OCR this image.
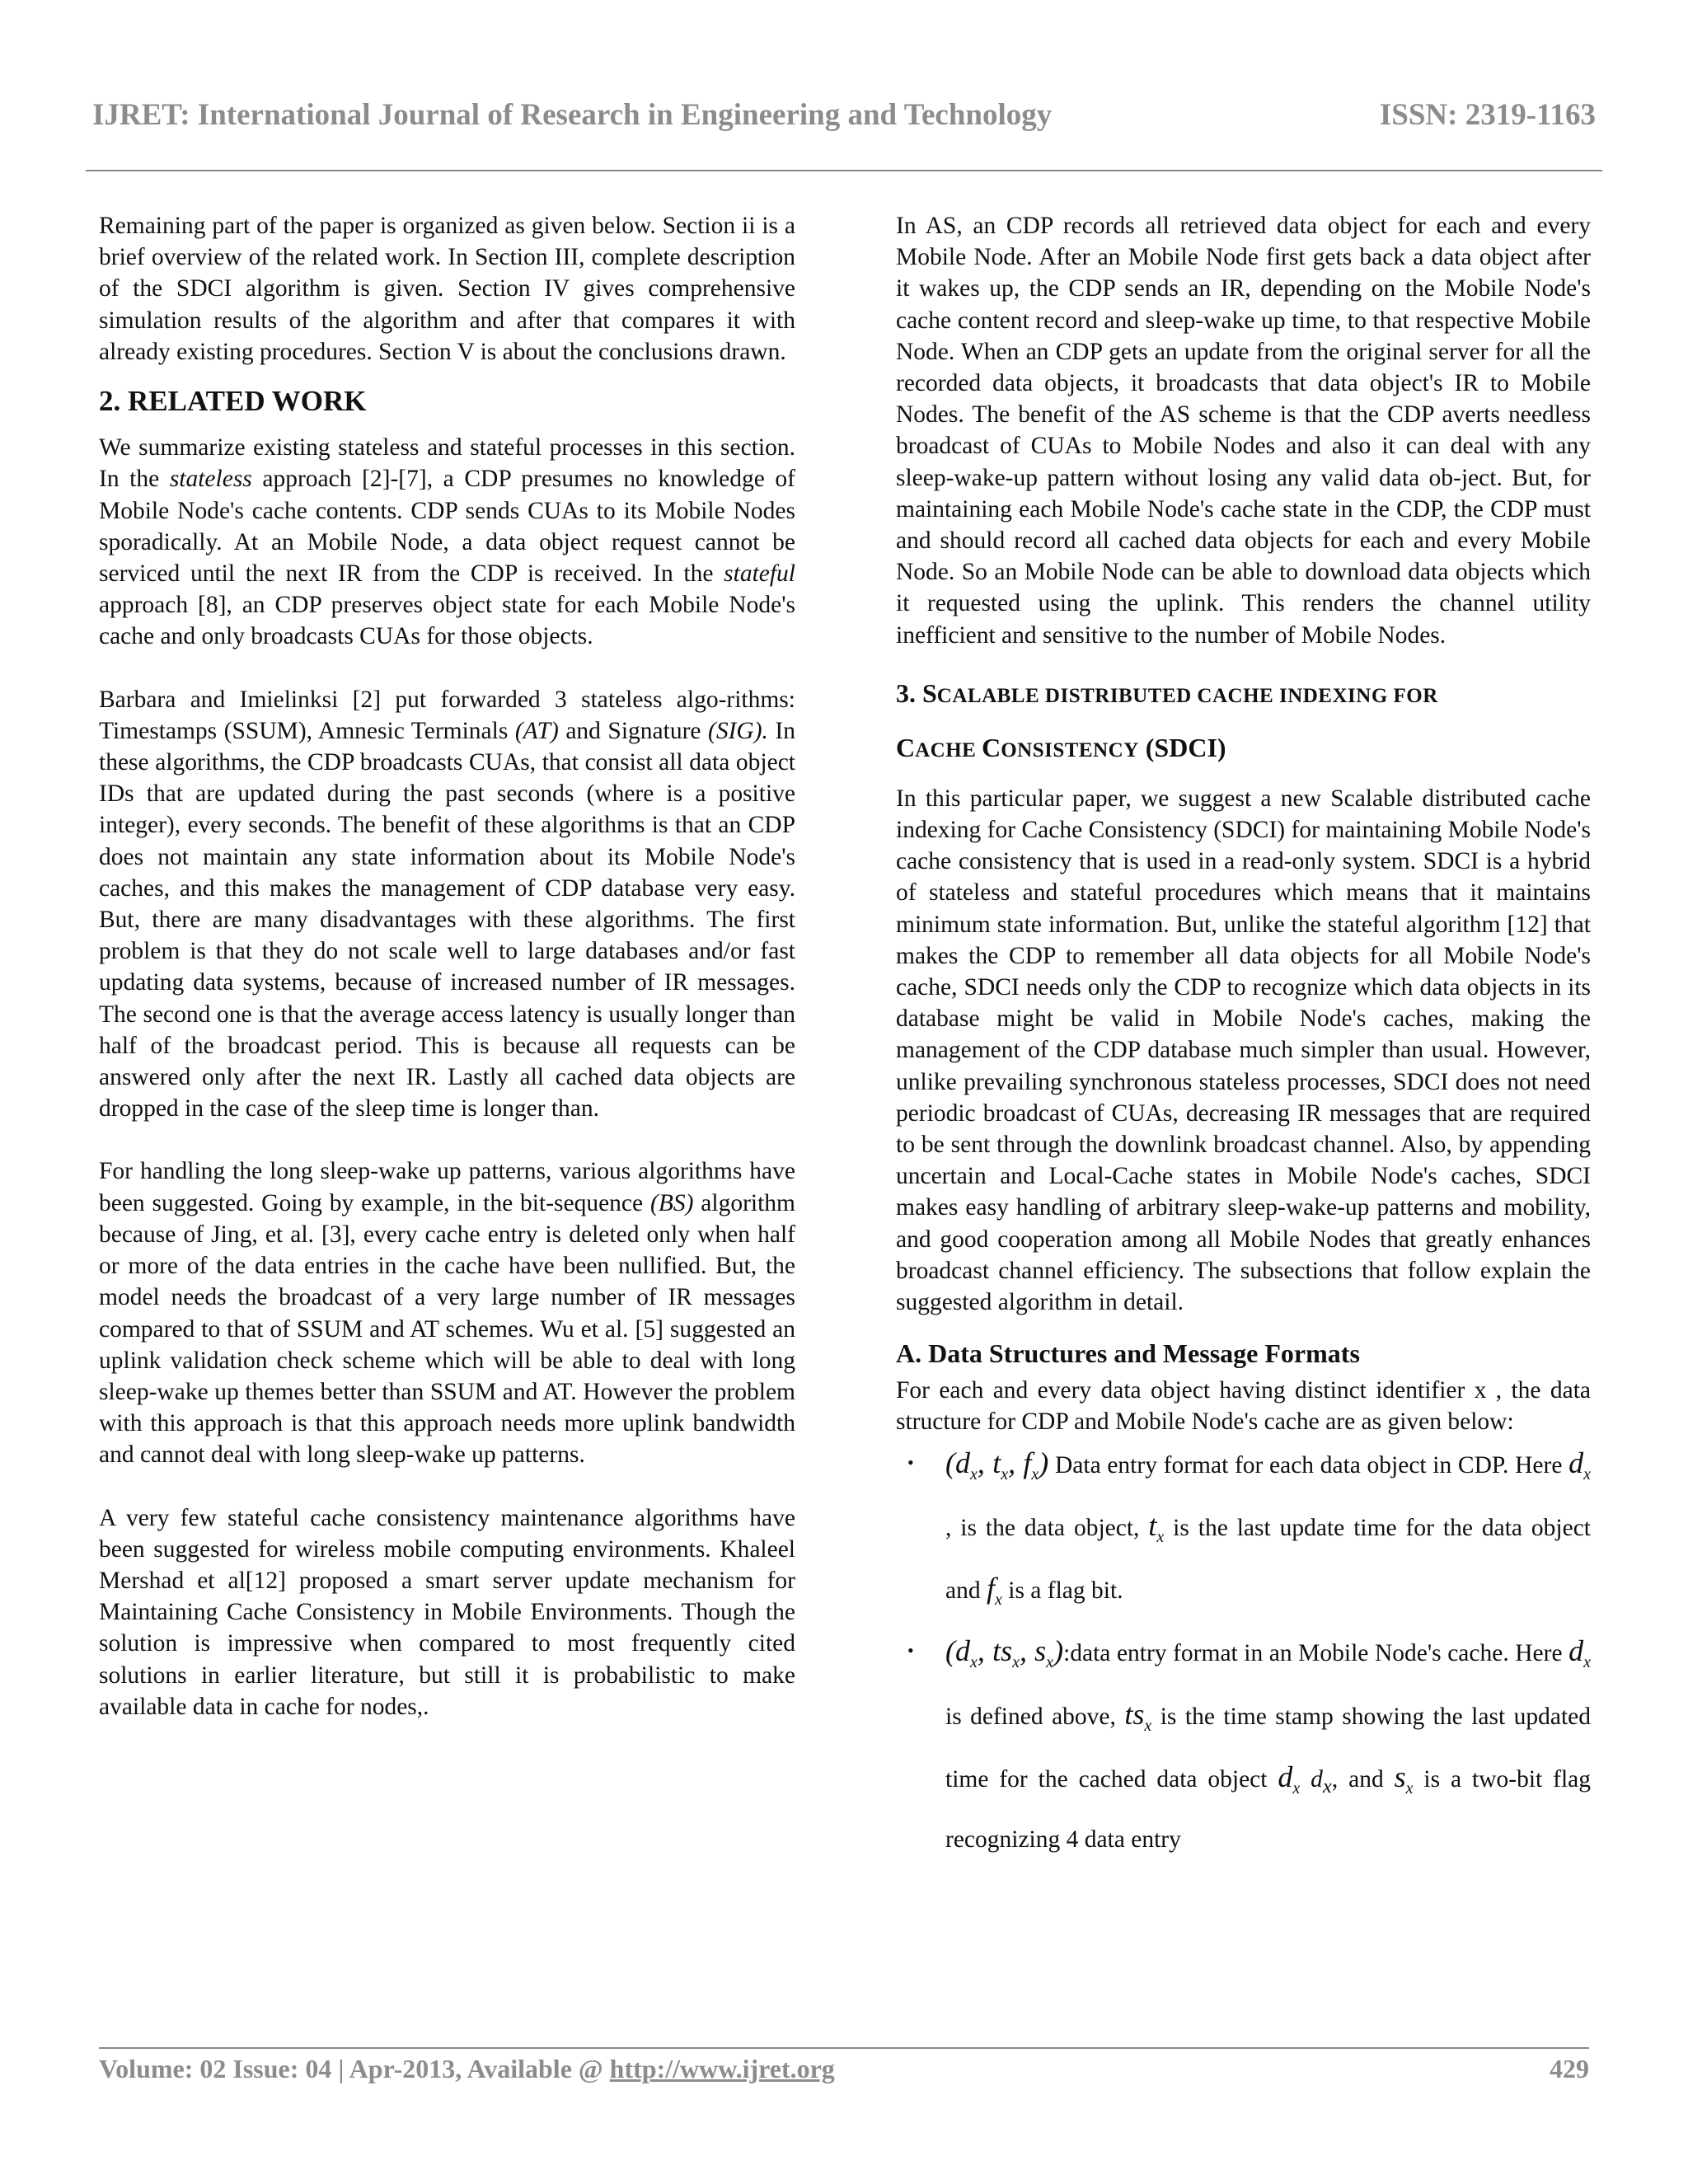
IJRET: International Journal of Research in Engineering and Technology	ISSN: 2319-1163

Remaining part of the paper is organized as given below. Section ii is a brief overview of the related work. In Section III, complete description of the SDCI algorithm is given. Section IV gives comprehensive simulation results of the algorithm and after that compares it with already existing procedures. Section V is about the conclusions drawn.

2. RELATED WORK

We summarize existing stateless and stateful processes in this section. In the stateless approach [2]-[7], a CDP presumes no knowledge of Mobile Node's cache contents. CDP sends CUAs to its Mobile Nodes sporadically. At an Mobile Node, a data object request cannot be serviced until the next IR from the CDP is received. In the stateful approach [8], an CDP preserves object state for each Mobile Node's cache and only broadcasts CUAs for those objects.

Barbara and Imielinksi [2] put forwarded 3 stateless algo-rithms: Timestamps (SSUM), Amnesic Terminals (AT) and Signature (SIG). In these algorithms, the CDP broadcasts CUAs, that consist all data object IDs that are updated during the past seconds (where is a positive integer), every seconds. The benefit of these algorithms is that an CDP does not maintain any state information about its Mobile Node's caches, and this makes the management of CDP database very easy. But, there are many disadvantages with these algorithms. The first problem is that they do not scale well to large databases and/or fast updating data systems, because of increased number of IR messages. The second one is that the average access latency is usually longer than half of the broadcast period. This is because all requests can be answered only after the next IR. Lastly all cached data objects are dropped in the case of the sleep time is longer than.

For handling the long sleep-wake up patterns, various algorithms have been suggested. Going by example, in the bit-sequence (BS) algorithm because of Jing, et al. [3], every cache entry is deleted only when half or more of the data entries in the cache have been nullified. But, the model needs the broadcast of a very large number of IR messages compared to that of SSUM and AT schemes. Wu et al. [5] suggested an uplink validation check scheme which will be able to deal with long sleep-wake up themes better than SSUM and AT. However the problem with this approach is that this approach needs more uplink bandwidth and cannot deal with long sleep-wake up patterns.

A very few stateful cache consistency maintenance algorithms have been suggested for wireless mobile computing environments. Khaleel Mershad et al[12] proposed a smart server update mechanism for Maintaining Cache Consistency in Mobile Environments. Though the solution is impressive when compared to most frequently cited solutions in earlier literature, but still it is probabilistic to make available data in cache for nodes,.

In AS, an CDP records all retrieved data object for each and every Mobile Node. After an Mobile Node first gets back a data object after it wakes up, the CDP sends an IR, depending on the Mobile Node's cache content record and sleep-wake up time, to that respective Mobile Node. When an CDP gets an update from the original server for all the recorded data objects, it broadcasts that data object's IR to Mobile Nodes. The benefit of the AS scheme is that the CDP averts needless broadcast of CUAs to Mobile Nodes and also it can deal with any sleep-wake-up pattern without losing any valid data ob-ject. But, for maintaining each Mobile Node's cache state in the CDP, the CDP must and should record all cached data objects for each and every Mobile Node. So an Mobile Node can be able to download data objects which it requested using the uplink. This renders the channel utility inefficient and sensitive to the number of Mobile Nodes.

3. SCALABLE DISTRIBUTED CACHE INDEXING FOR
CACHE CONSISTENCY (SDCI)

In this particular paper, we suggest a new Scalable distributed cache indexing for Cache Consistency (SDCI) for maintaining Mobile Node's cache consistency that is used in a read-only system. SDCI is a hybrid of stateless and stateful procedures which means that it maintains minimum state information. But, unlike the stateful algorithm [12] that makes the CDP to remember all data objects for all Mobile Node's cache, SDCI needs only the CDP to recognize which data objects in its database might be valid in Mobile Node's caches, making the management of the CDP database much simpler than usual. However, unlike prevailing synchronous stateless processes, SDCI does not need periodic broadcast of CUAs, decreasing IR messages that are required to be sent through the downlink broadcast channel. Also, by appending uncertain and Local-Cache states in Mobile Node's caches, SDCI makes easy handling of arbitrary sleep-wake-up patterns and mobility, and good cooperation among all Mobile Nodes that greatly enhances broadcast channel efficiency. The subsections that follow explain the suggested algorithm in detail.

A. Data Structures and Message Formats

For each and every data object having distinct identifier x , the data structure for CDP and Mobile Node's cache are as given below:

• ($d_x$, $t_x$, $f_x$) Data entry format for each data object in CDP. Here $d_x$ , is the data object, $t_x$ is the last update time for the data object and $f_x$ is a flag bit.
• ($d_x$, $ts_x$, $s_x):data$ entry format in an Mobile Node's cache. Here $d_x$ is defined above, $ts_x$ is the time stamp showing the last updated time for the cached data object $d_x$ $d_x$, and $s_x$ is a two-bit flag recognizing 4 data entry
Volume: 02 Issue: 04 | Apr-2013, Available @ http://www.ijret.org	429
